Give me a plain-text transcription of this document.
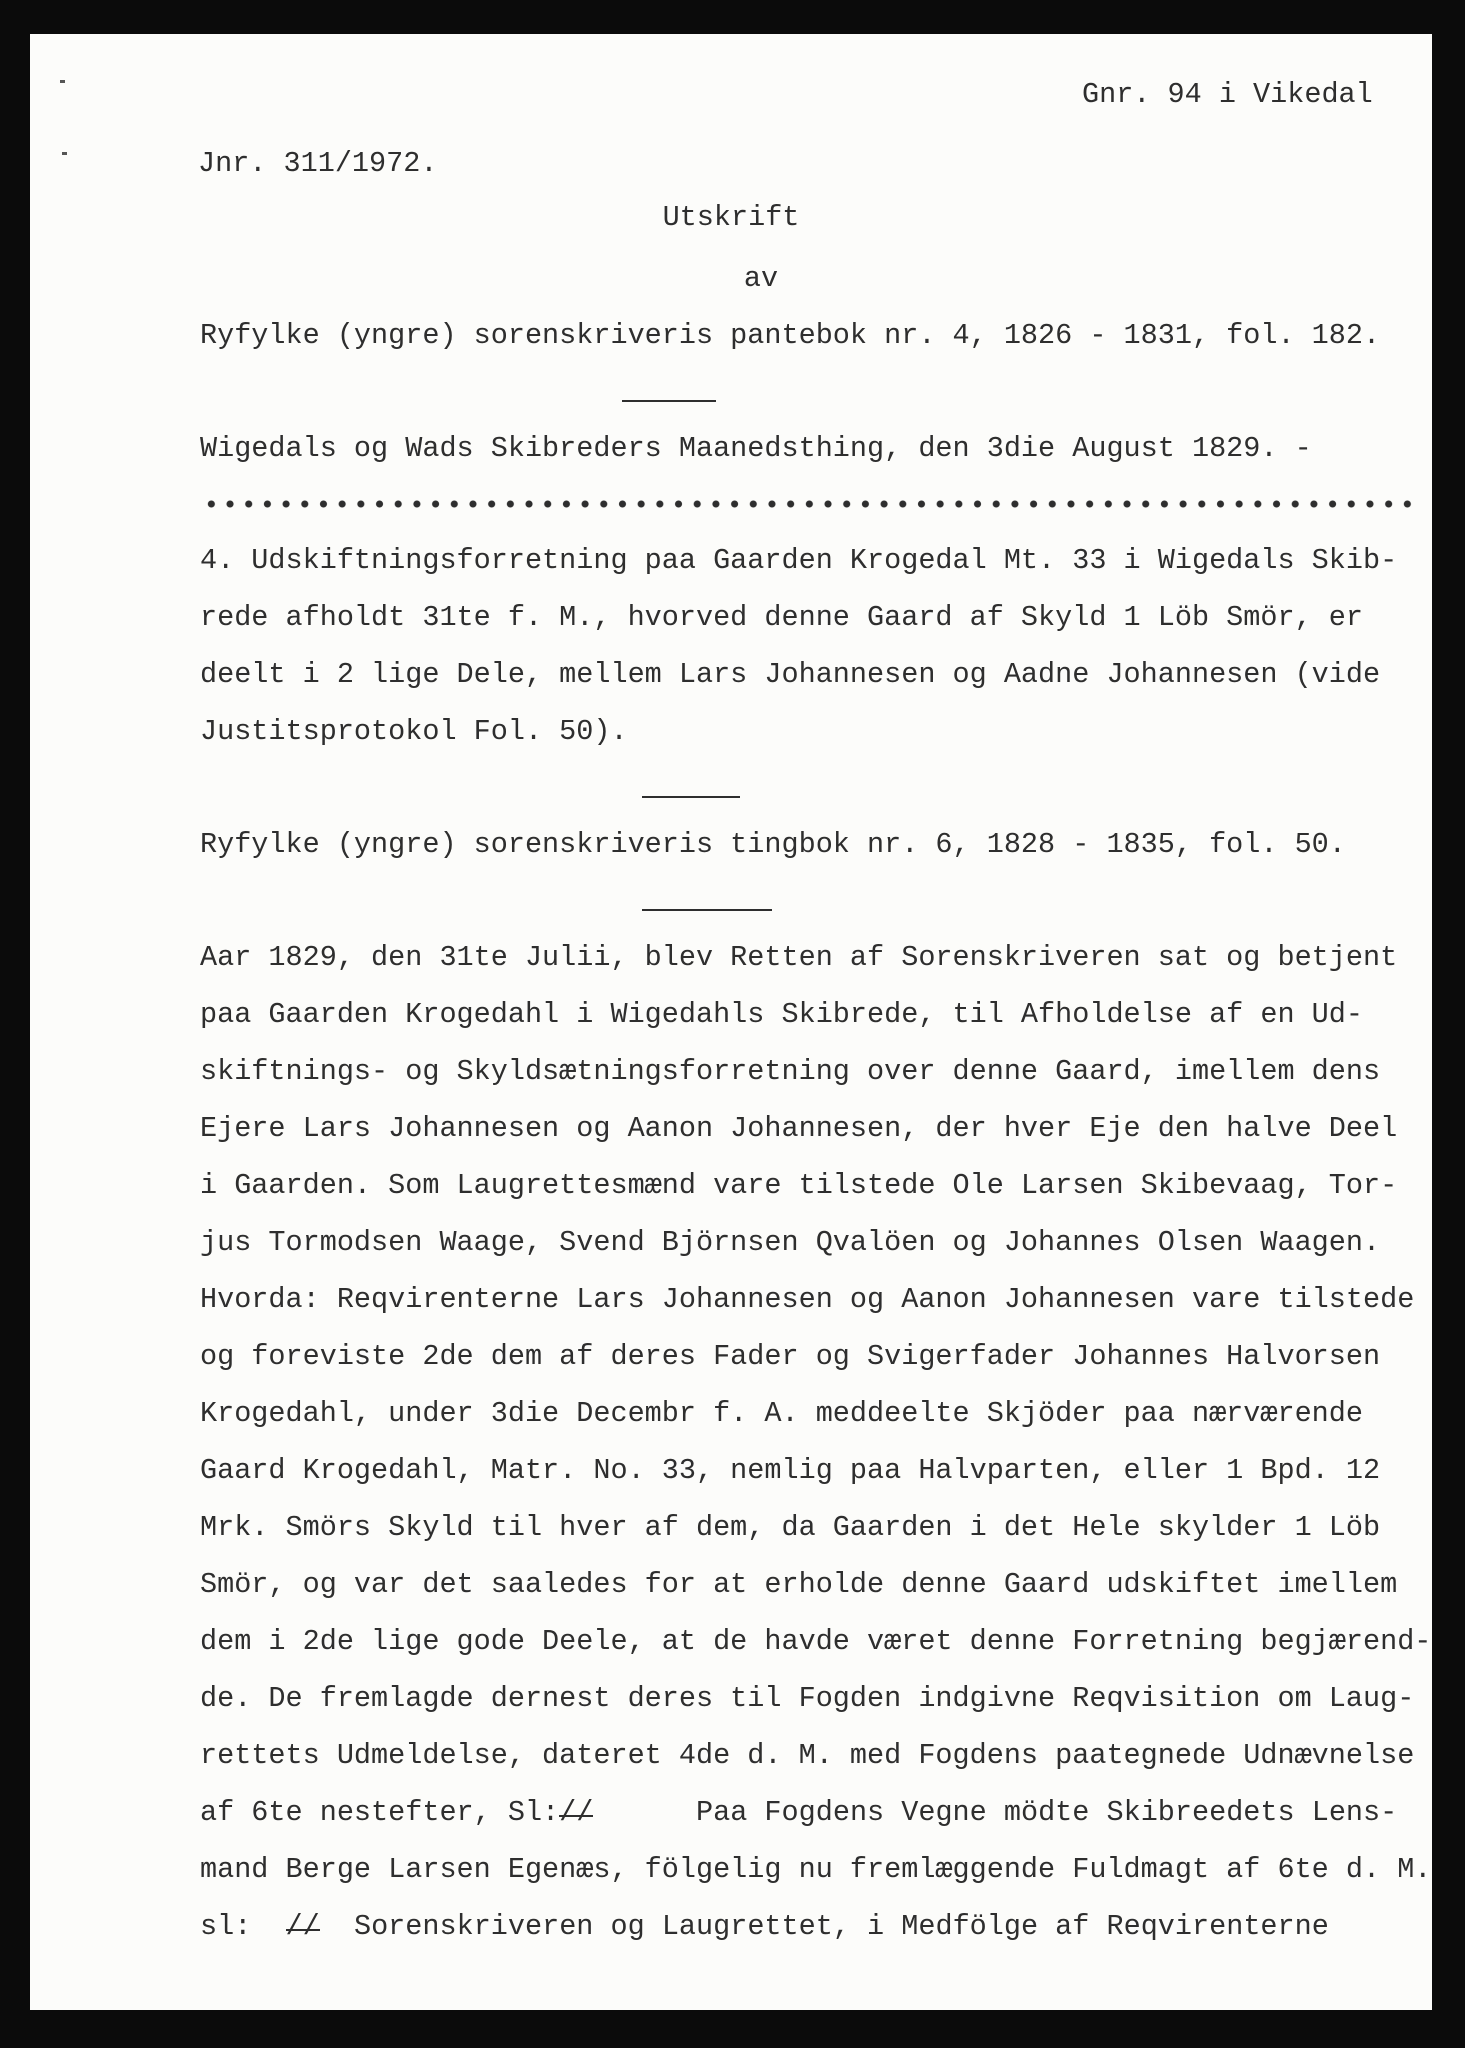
Gnr. 94 i Vikedal
Jnr. 311/1972.
Utskrift
av
Ryfylke (yngre) sorenskriveris pantebok nr. 4, 1826 - 1831, fol. 182.
Wigedals og Wads Skibreders Maanedsthing, den 3die August 1829. -
4. Udskiftningsforretning paa Gaarden Krogedal Mt. 33 i Wigedals Skib-
rede afholdt 31te f. M., hvorved denne Gaard af Skyld 1 Löb Smör, er
deelt i 2 lige Dele, mellem Lars Johannesen og Aadne Johannesen (vide
Justitsprotokol Fol. 50).
Ryfylke (yngre) sorenskriveris tingbok nr. 6, 1828 - 1835, fol. 50.
Aar 1829, den 31te Julii, blev Retten af Sorenskriveren sat og betjent
paa Gaarden Krogedahl i Wigedahls Skibrede, til Afholdelse af en Ud-
skiftnings- og Skyldsætningsforretning over denne Gaard, imellem dens
Ejere Lars Johannesen og Aanon Johannesen, der hver Eje den halve Deel
i Gaarden. Som Laugrettesmænd vare tilstede Ole Larsen Skibevaag, Tor-
jus Tormodsen Waage, Svend Björnsen Qvalöen og Johannes Olsen Waagen.
Hvorda: Reqvirenterne Lars Johannesen og Aanon Johannesen vare tilstede
og foreviste 2de dem af deres Fader og Svigerfader Johannes Halvorsen
Krogedahl, under 3die Decembr f. A. meddeelte Skjöder paa nærværende
Gaard Krogedahl, Matr. No. 33, nemlig paa Halvparten, eller 1 Bpd. 12
Mrk. Smörs Skyld til hver af dem, da Gaarden i det Hele skylder 1 Löb
Smör, og var det saaledes for at erholde denne Gaard udskiftet imellem
dem i 2de lige gode Deele, at de havde været denne Forretning begjærend-
de. De fremlagde dernest deres til Fogden indgivne Reqvisition om Laug-
rettets Udmeldelse, dateret 4de d. M. med Fogdens paategnede Udnævnelse
af 6te nestefter, Sl://	Paa Fogdens Vegne mödte Skibreedets Lens-
mand Berge Larsen Egenæs, fölgelig nu fremlæggende Fuldmagt af 6te d. M.
sl: // Sorenskriveren og Laugrettet, i Medfölge af Reqvirenterne
